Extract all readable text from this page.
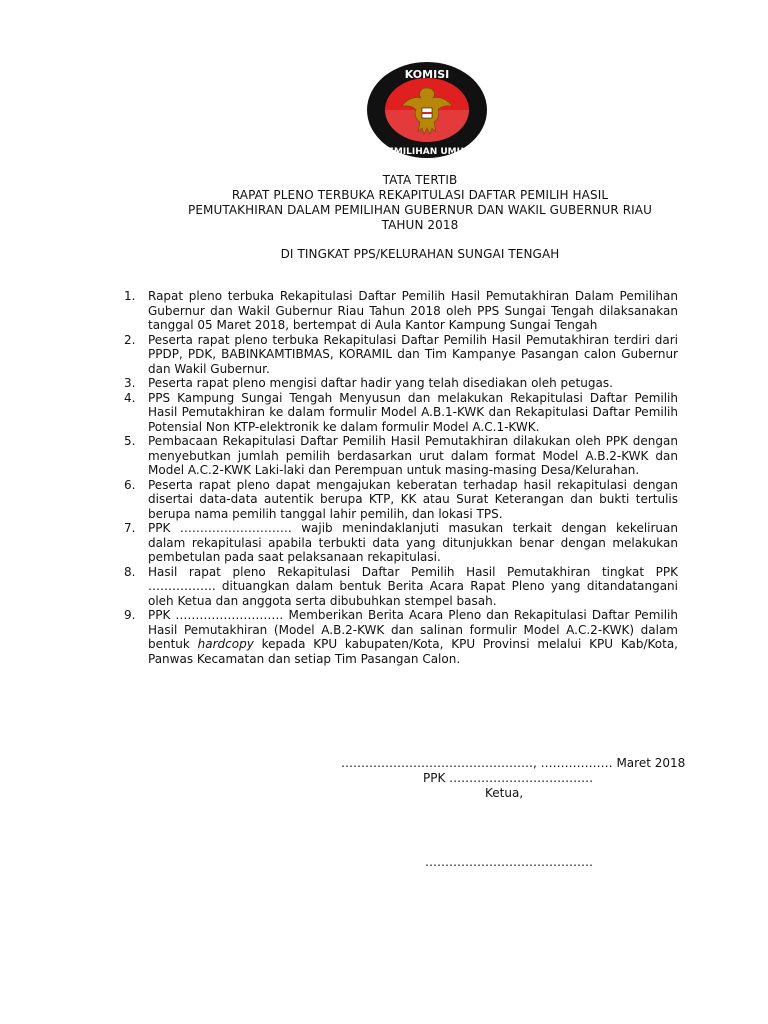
KOMISI
PEMILIHAN UMUM
TATA TERTIB
RAPAT PLENO TERBUKA REKAPITULASI DAFTAR PEMILIH HASIL
PEMUTAKHIRAN DALAM PEMILIHAN GUBERNUR DAN WAKIL GUBERNUR RIAU
TAHUN 2018
DI TINGKAT PPS/KELURAHAN SUNGAI TENGAH
1.	Rapat pleno terbuka Rekapitulasi Daftar Pemilih Hasil Pemutakhiran Dalam Pemilihan Gubernur dan Wakil Gubernur Riau Tahun 2018 oleh PPS Sungai Tengah dilaksanakan tanggal 05 Maret 2018, bertempat di Aula Kantor Kampung Sungai Tengah
2.	Peserta rapat pleno terbuka Rekapitulasi Daftar Pemilih Hasil Pemutakhiran terdiri dari PPDP, PDK, BABINKAMTIBMAS, KORAMIL dan Tim Kampanye Pasangan calon Gubernur dan Wakil Gubernur.
3.	Peserta rapat pleno mengisi daftar hadir yang telah disediakan oleh petugas.
4.	PPS Kampung Sungai Tengah Menyusun dan melakukan Rekapitulasi Daftar Pemilih Hasil Pemutakhiran ke dalam formulir Model A.B.1-KWK dan Rekapitulasi Daftar Pemilih Potensial Non KTP-elektronik ke dalam formulir Model A.C.1-KWK.
5.	Pembacaan Rekapitulasi Daftar Pemilih Hasil Pemutakhiran dilakukan oleh PPK dengan menyebutkan jumlah pemilih berdasarkan urut dalam format Model A.B.2-KWK dan Model A.C.2-KWK Laki-laki dan Perempuan untuk masing-masing Desa/Kelurahan.
6.	Peserta rapat pleno dapat mengajukan keberatan terhadap hasil rekapitulasi dengan disertai data-data autentik berupa KTP, KK atau Surat Keterangan dan bukti tertulis berupa nama pemilih tanggal lahir pemilih, dan lokasi TPS.
7.	PPK ………………………. wajib menindaklanjuti masukan terkait dengan kekeliruan dalam rekapitulasi apabila terbukti data yang ditunjukkan benar dengan melakukan pembetulan pada saat pelaksanaan rekapitulasi.
8.	Hasil rapat pleno Rekapitulasi Daftar Pemilih Hasil Pemutakhiran tingkat PPK …………….. dituangkan dalam bentuk Berita Acara Rapat Pleno yang ditandatangani oleh Ketua dan anggota serta dibubuhkan stempel basah.
9.	PPK ……………………… Memberikan Berita Acara Pleno dan Rekapitulasi Daftar Pemilih Hasil Pemutakhiran (Model A.B.2-KWK dan salinan formulir Model A.C.2-KWK) dalam bentuk hardcopy kepada KPU kabupaten/Kota, KPU Provinsi melalui KPU Kab/Kota, Panwas Kecamatan dan setiap Tim Pasangan Calon.
…………………………………………, ……………… Maret 2018
PPK ………………………………
Ketua,
……………………………………
